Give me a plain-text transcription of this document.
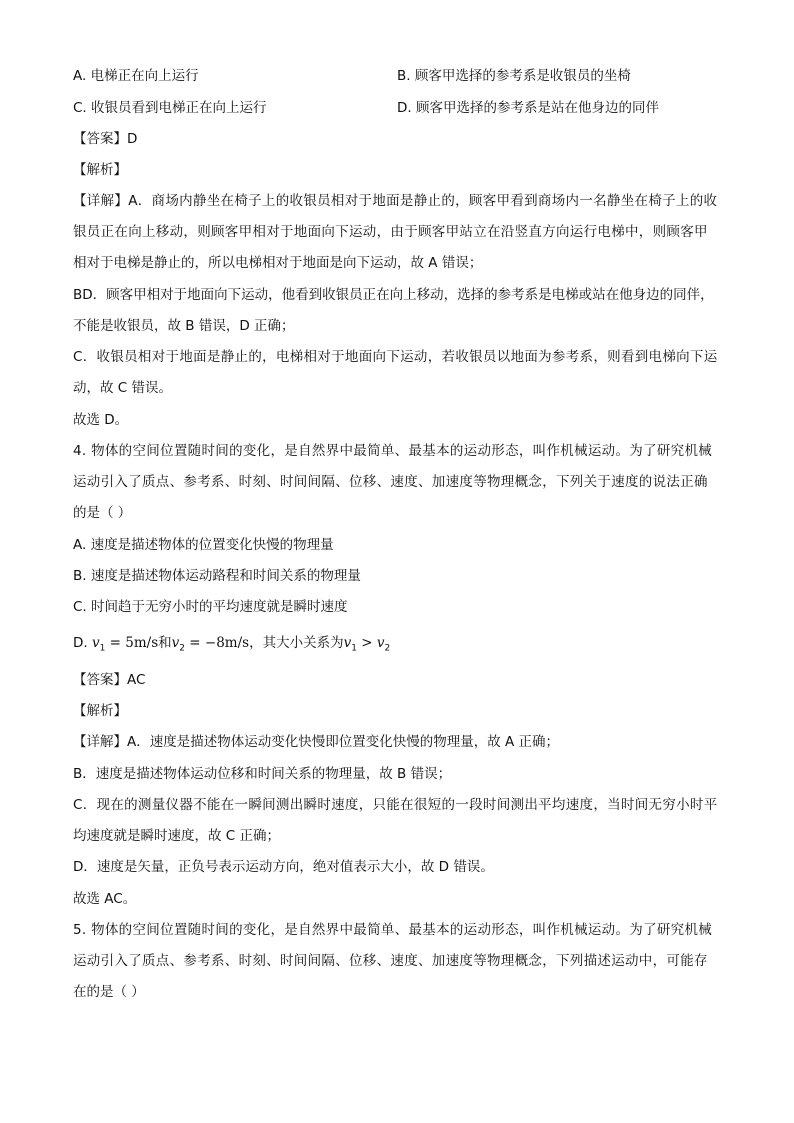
A. 电梯正在向上运行	B. 顾客甲选择的参考系是收银员的坐椅
C. 收银员看到电梯正在向上运行	D. 顾客甲选择的参考系是站在他身边的同伴
【答案】D
【解析】
【详解】A．商场内静坐在椅子上的收银员相对于地面是静止的，顾客甲看到商场内一名静坐在椅子上的收
银员正在向上移动，则顾客甲相对于地面向下运动，由于顾客甲站立在沿竖直方向运行电梯中，则顾客甲
相对于电梯是静止的，所以电梯相对于地面是向下运动，故 A 错误；
BD．顾客甲相对于地面向下运动，他看到收银员正在向上移动，选择的参考系是电梯或站在他身边的同伴，
不能是收银员，故 B 错误，D 正确；
C．收银员相对于地面是静止的，电梯相对于地面向下运动，若收银员以地面为参考系，则看到电梯向下运
动，故 C 错误。
故选 D。
4. 物体的空间位置随时间的变化，是自然界中最简单、最基本的运动形态，叫作机械运动。为了研究机械
运动引入了质点、参考系、时刻、时间间隔、位移、速度、加速度等物理概念，下列关于速度的说法正确
的是（ ）
A. 速度是描述物体的位置变化快慢的物理量
B. 速度是描述物体运动路程和时间关系的物理量
C. 时间趋于无穷小时的平均速度就是瞬时速度
D. $v_1 = 5m/s$和$v_2 = -8m/s$，其大小关系为$v_1 > v_2$
【答案】AC
【解析】
【详解】A．速度是描述物体运动变化快慢即位置变化快慢的物理量，故 A 正确；
B．速度是描述物体运动位移和时间关系的物理量，故 B 错误；
C．现在的测量仪器不能在一瞬间测出瞬时速度，只能在很短的一段时间测出平均速度，当时间无穷小时平
均速度就是瞬时速度，故 C 正确；
D．速度是矢量，正负号表示运动方向，绝对值表示大小，故 D 错误。
故选 AC。
5. 物体的空间位置随时间的变化，是自然界中最简单、最基本的运动形态，叫作机械运动。为了研究机械
运动引入了质点、参考系、时刻、时间间隔、位移、速度、加速度等物理概念，下列描述运动中，可能存
在的是（ ）
